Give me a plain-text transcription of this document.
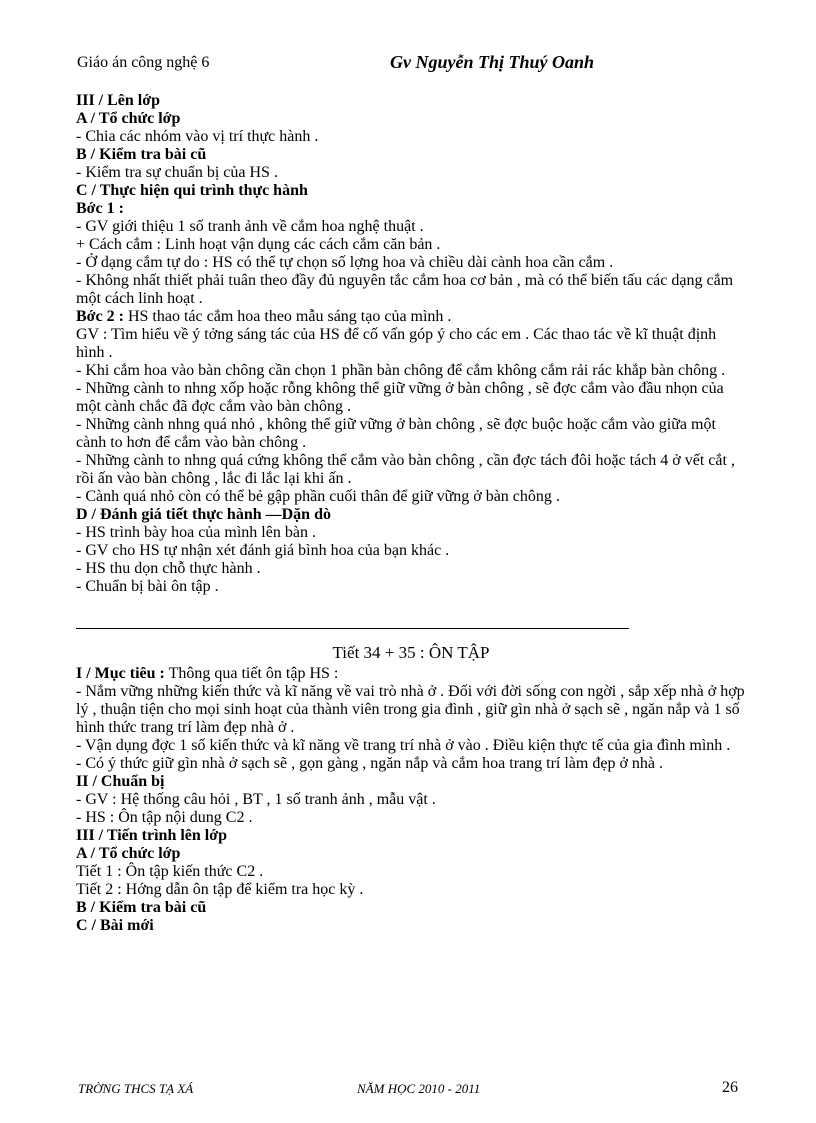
Giáo án công nghệ 6	Gv Nguyễn Thị Thuý Oanh
III / Lên lớp
A / Tổ chức lớp
- Chia các nhóm vào vị trí thực hành .
B / Kiểm tra bài cũ
- Kiểm tra sự chuẩn bị của HS .
C / Thực hiện qui trình thực hành
Bớc 1 :
- GV giới thiệu 1 số tranh ảnh về cắm hoa nghệ thuật .
+ Cách cắm : Linh hoạt vận dụng các cách cắm căn bản .
- Ở dạng cắm tự do : HS có thể tự chọn số lợng hoa và chiều dài cành hoa cần cắm .
- Không nhất thiết phải tuân theo đầy đủ nguyên tắc cắm hoa cơ bản , mà có thể biến tấu các dạng cắm một cách linh hoạt .
Bớc 2 : HS thao tác cắm hoa theo mẫu sáng tạo của mình .
GV : Tìm hiểu về ý tởng sáng tác của HS để cố vấn góp ý cho các em . Các thao tác về kĩ thuật định hình .
- Khi cắm hoa vào bàn chông cần chọn 1 phần bàn chông để cắm không cắm rải rác khắp bàn chông .
- Những cành to nhng xốp hoặc rỗng không thể giữ vững ở bàn chông , sẽ đợc cắm vào đầu nhọn của một cành chắc đã đợc cắm vào bàn chông .
- Những cành nhng quá nhỏ , không thể giữ vững ở bàn chông , sẽ đợc buộc hoặc cắm vào giữa một cành to hơn để cắm vào bàn chông .
- Những cành to nhng quá cứng không thể cắm vào bàn chông , cần đợc tách đôi hoặc tách 4 ở vết cắt , rồi ấn vào bàn chông , lắc đi lắc lại khi ấn .
- Cành quá nhỏ còn có thể bẻ gập phần cuối thân để giữ vững ở bàn chông .
D / Đánh giá tiết thực hành —Dặn dò
- HS trình bày hoa của mình lên bàn .
- GV cho HS tự nhận xét đánh giá bình hoa của bạn khác .
- HS thu dọn chỗ thực hành .
- Chuẩn bị bài ôn tập .
Tiết 34 + 35 : ÔN TẬP
I / Mục tiêu : Thông qua tiết ôn tập HS :
- Nắm vững những kiến thức và kĩ năng về vai trò nhà ở . Đối với đời sống con ngời , sắp xếp nhà ở hợp lý , thuận tiện cho mọi sinh hoạt của thành viên trong gia đình , giữ gìn nhà ở sạch sẽ , ngăn nắp và 1 số hình thức trang trí làm đẹp nhà ở .
- Vận dụng đợc 1 số kiến thức và kĩ năng về trang trí nhà ở vào . Điều kiện thực tế của gia đình mình .
- Có ý thức giữ gìn nhà ở sạch sẽ , gọn gàng , ngăn nắp và cắm hoa trang trí làm đẹp ở nhà .
II / Chuẩn bị
- GV : Hệ thống câu hỏi , BT , 1 số tranh ảnh , mẫu vật .
- HS : Ôn tập nội dung C2 .
III / Tiến trình lên lớp
A / Tổ chức lớp
Tiết 1 : Ôn tập kiến thức C2 .
Tiết 2 : Hớng dẫn ôn tập để kiểm tra học kỳ .
B / Kiểm tra bài cũ
C / Bài mới
TRỜNG THCS TẠ XÁ	NĂM HỌC 2010 - 2011	26
